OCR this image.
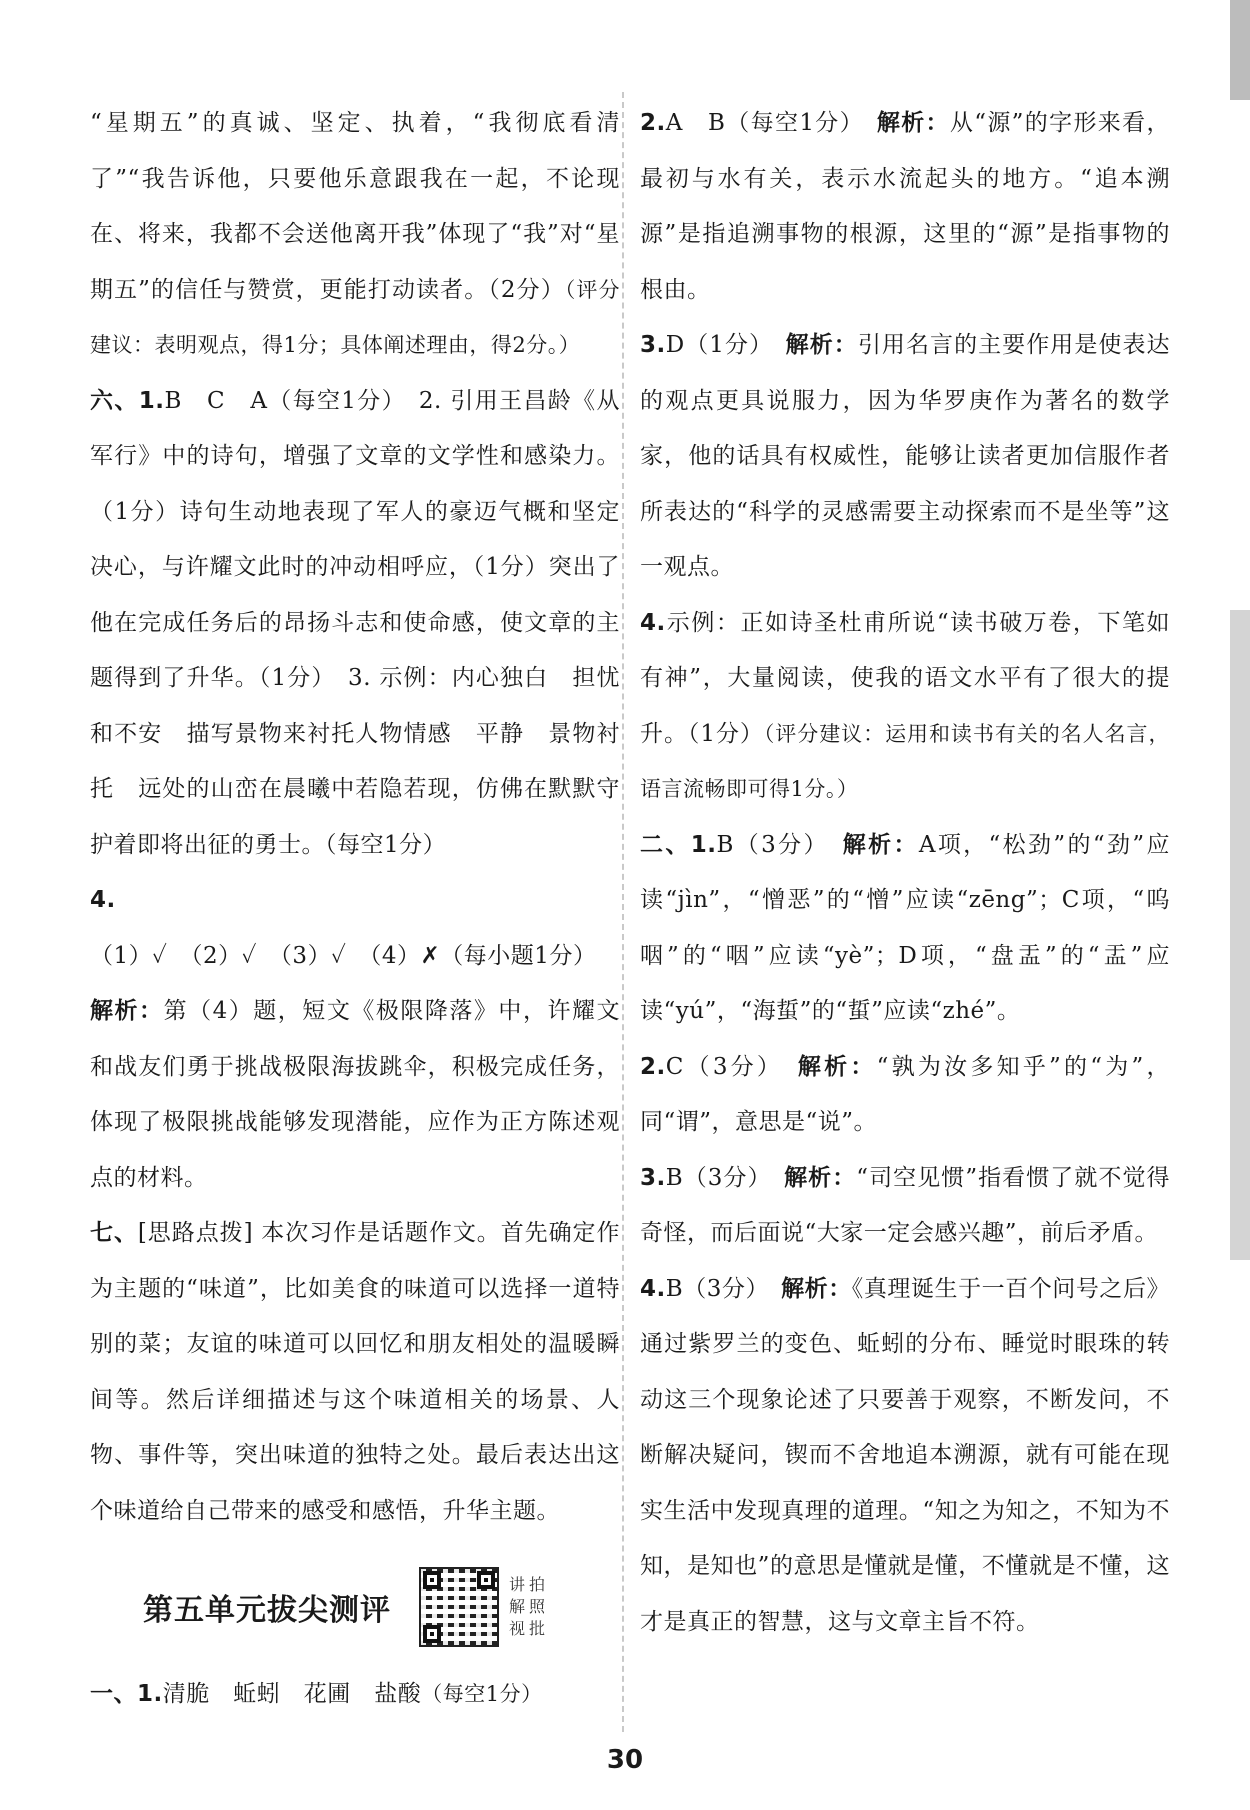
“星期五”的真诚、坚定、执着，“我彻底看清了”“我告诉他，只要他乐意跟我在一起，不论现在、将来，我都不会送他离开我”体现了“我”对“星期五”的信任与赞赏，更能打动读者。（2分）（评分建议：表明观点，得1分；具体阐述理由，得2分。）

六、1.B　C　A（每空1分）　2. 引用王昌龄《从军行》中的诗句，增强了文章的文学性和感染力。（1分）诗句生动地表现了军人的豪迈气概和坚定决心，与许耀文此时的冲动相呼应，（1分）突出了他在完成任务后的昂扬斗志和使命感，使文章的主题得到了升华。（1分）　3. 示例：内心独白　担忧和不安　描写景物来衬托人物情感　平静　景物衬托　远处的山峦在晨曦中若隐若现，仿佛在默默守护着即将出征的勇士。（每空1分）

4.（1）✓　（2）✓　（3）✓　（4）✗（每小题1分）

解析：第（4）题，短文《极限降落》中，许耀文和战友们勇于挑战极限海拔跳伞，积极完成任务，体现了极限挑战能够发现潜能，应作为正方陈述观点的材料。

七、[思路点拨] 本次习作是话题作文。首先确定作为主题的“味道”，比如美食的味道可以选择一道特别的菜；友谊的味道可以回忆和朋友相处的温暖瞬间等。然后详细描述与这个味道相关的场景、人物、事件等，突出味道的独特之处。最后表达出这个味道给自己带来的感受和感悟，升华主题。

第五单元拔尖测评
讲 拍
解 照
视 批

一、1.清脆　蚯蚓　花圃　盐酸（每空1分）

2.A　B（每空1分）　 解析：从“源”的字形来看，最初与水有关，表示水流起头的地方。“追本溯源”是指追溯事物的根源，这里的“源”是指事物的根由。

3.D（1分）　 解析：引用名言的主要作用是使表达的观点更具说服力，因为华罗庚作为著名的数学家，他的话具有权威性，能够让读者更加信服作者所表达的“科学的灵感需要主动探索而不是坐等”这一观点。

4.示例：正如诗圣杜甫所说“读书破万卷，下笔如有神”，大量阅读，使我的语文水平有了很大的提升。（1分）（评分建议：运用和读书有关的名人名言，语言流畅即可得1分。）

二、1.B（3分）　 解析：A项，“松劲”的“劲”应读“jìn”，“憎恶”的“憎”应读“zēng”；C项，“呜咽”的“咽”应读“yè”；D项，“盘盂”的“盂”应读“yú”，“海蜇”的“蜇”应读“zhé”。

2.C（3分）　 解析：“孰为汝多知乎”的“为”，同“谓”，意思是“说”。

3.B（3分）　 解析：“司空见惯”指看惯了就不觉得奇怪，而后面说“大家一定会感兴趣”，前后矛盾。

4.B（3分）　 解析：《真理诞生于一百个问号之后》通过紫罗兰的变色、蚯蚓的分布、睡觉时眼珠的转动这三个现象论述了只要善于观察，不断发问，不断解决疑问，锲而不舍地追本溯源，就有可能在现实生活中发现真理的道理。“知之为知之，不知为不知，是知也”的意思是懂就是懂，不懂就是不懂，这才是真正的智慧，这与文章主旨不符。

30
